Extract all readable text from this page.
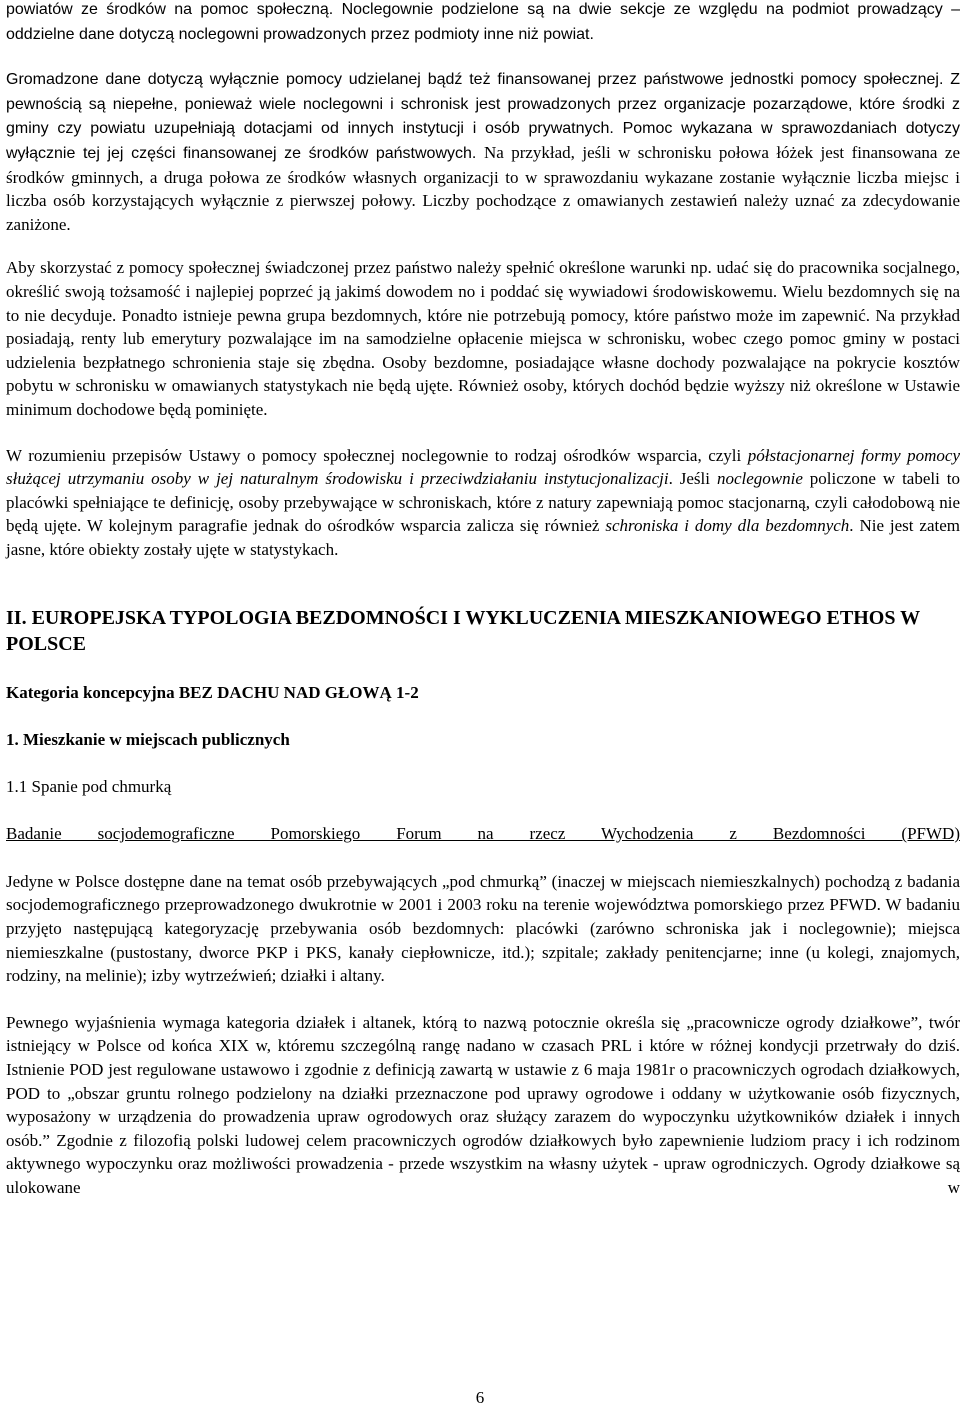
powiatów ze środków na pomoc społeczną. Noclegownie podzielone są na dwie sekcje ze względu na podmiot prowadzący – oddzielne dane dotyczą noclegowni prowadzonych przez podmioty inne niż powiat.

Gromadzone dane dotyczą wyłącznie pomocy udzielanej bądź też finansowanej przez państwowe jednostki pomocy społecznej. Z pewnością są niepełne, ponieważ wiele noclegowni i schronisk jest prowadzonych przez organizacje pozarządowe, które środki z gminy czy powiatu uzupełniają dotacjami od innych instytucji i osób prywatnych. Pomoc wykazana w sprawozdaniach dotyczy wyłącznie tej jej części finansowanej ze środków państwowych. Na przykład, jeśli w schronisku połowa łóżek jest finansowana ze środków gminnych, a druga połowa ze środków własnych organizacji to w sprawozdaniu wykazane zostanie wyłącznie liczba miejsc i liczba osób korzystających wyłącznie z pierwszej połowy. Liczby pochodzące z omawianych zestawień należy uznać za zdecydowanie zaniżone.

Aby skorzystać z pomocy społecznej świadczonej przez państwo należy spełnić określone warunki np. udać się do pracownika socjalnego, określić swoją tożsamość i najlepiej poprzeć ją jakimś dowodem no i poddać się wywiadowi środowiskowemu. Wielu bezdomnych się na to nie decyduje. Ponadto istnieje pewna grupa bezdomnych, które nie potrzebują pomocy, które państwo może im zapewnić. Na przykład posiadają, renty lub emerytury pozwalające im na samodzielne opłacenie miejsca w schronisku, wobec czego pomoc gminy w postaci udzielenia bezpłatnego schronienia staje się zbędna. Osoby bezdomne, posiadające własne dochody pozwalające na pokrycie kosztów pobytu w schronisku w omawianych statystykach nie będą ujęte. Również osoby, których dochód będzie wyższy niż określone w Ustawie minimum dochodowe będą pominięte.

W rozumieniu przepisów Ustawy o pomocy społecznej noclegownie to rodzaj ośrodków wsparcia, czyli półstacjonarnej formy pomocy służącej utrzymaniu osoby w jej naturalnym środowisku i przeciwdziałaniu instytucjonalizacji. Jeśli noclegownie policzone w tabeli to placówki spełniające te definicję, osoby przebywające w schroniskach, które z natury zapewniają pomoc stacjonarną, czyli całodobową nie będą ujęte. W kolejnym paragrafie jednak do ośrodków wsparcia zalicza się również schroniska i domy dla bezdomnych. Nie jest zatem jasne, które obiekty zostały ujęte w statystykach.

II. EUROPEJSKA TYPOLOGIA BEZDOMNOŚCI I WYKLUCZENIA MIESZKANIOWEGO ETHOS W POLSCE

Kategoria koncepcyjna BEZ DACHU NAD GŁOWĄ 1-2

1. Mieszkanie w miejscach publicznych

1.1 Spanie pod chmurką

Badanie socjodemograficzne Pomorskiego Forum na rzecz Wychodzenia z Bezdomności (PFWD)

Jedyne w Polsce dostępne dane na temat osób przebywających „pod chmurką” (inaczej w miejscach niemieszkalnych) pochodzą z badania socjodemograficznego przeprowadzonego dwukrotnie w 2001 i 2003 roku na terenie województwa pomorskiego przez PFWD. W badaniu przyjęto następującą kategoryzację przebywania osób bezdomnych: placówki (zarówno schroniska jak i noclegownie); miejsca niemieszkalne (pustostany, dworce PKP i PKS, kanały ciepłownicze, itd.); szpitale; zakłady penitencjarne; inne (u kolegi, znajomych, rodziny, na melinie); izby wytrzeźwień; działki i altany.

Pewnego wyjaśnienia wymaga kategoria działek i altanek, którą to nazwą potocznie określa się „pracownicze ogrody działkowe”, twór istniejący w Polsce od końca XIX w, któremu szczególną rangę nadano w czasach PRL i które w różnej kondycji przetrwały do dziś. Istnienie POD jest regulowane ustawowo i zgodnie z definicją zawartą w ustawie z 6 maja 1981r o pracowniczych ogrodach działkowych, POD to „obszar gruntu rolnego podzielony na działki przeznaczone pod uprawy ogrodowe i oddany w użytkowanie osób fizycznych, wyposażony w urządzenia do prowadzenia upraw ogrodowych oraz służący zarazem do wypoczynku użytkowników działek i innych osób.” Zgodnie z filozofią polski ludowej celem pracowniczych ogrodów działkowych było zapewnienie ludziom pracy i ich rodzinom aktywnego wypoczynku oraz możliwości prowadzenia - przede wszystkim na własny użytek - upraw ogrodniczych. Ogrody działkowe są ulokowane w

6
